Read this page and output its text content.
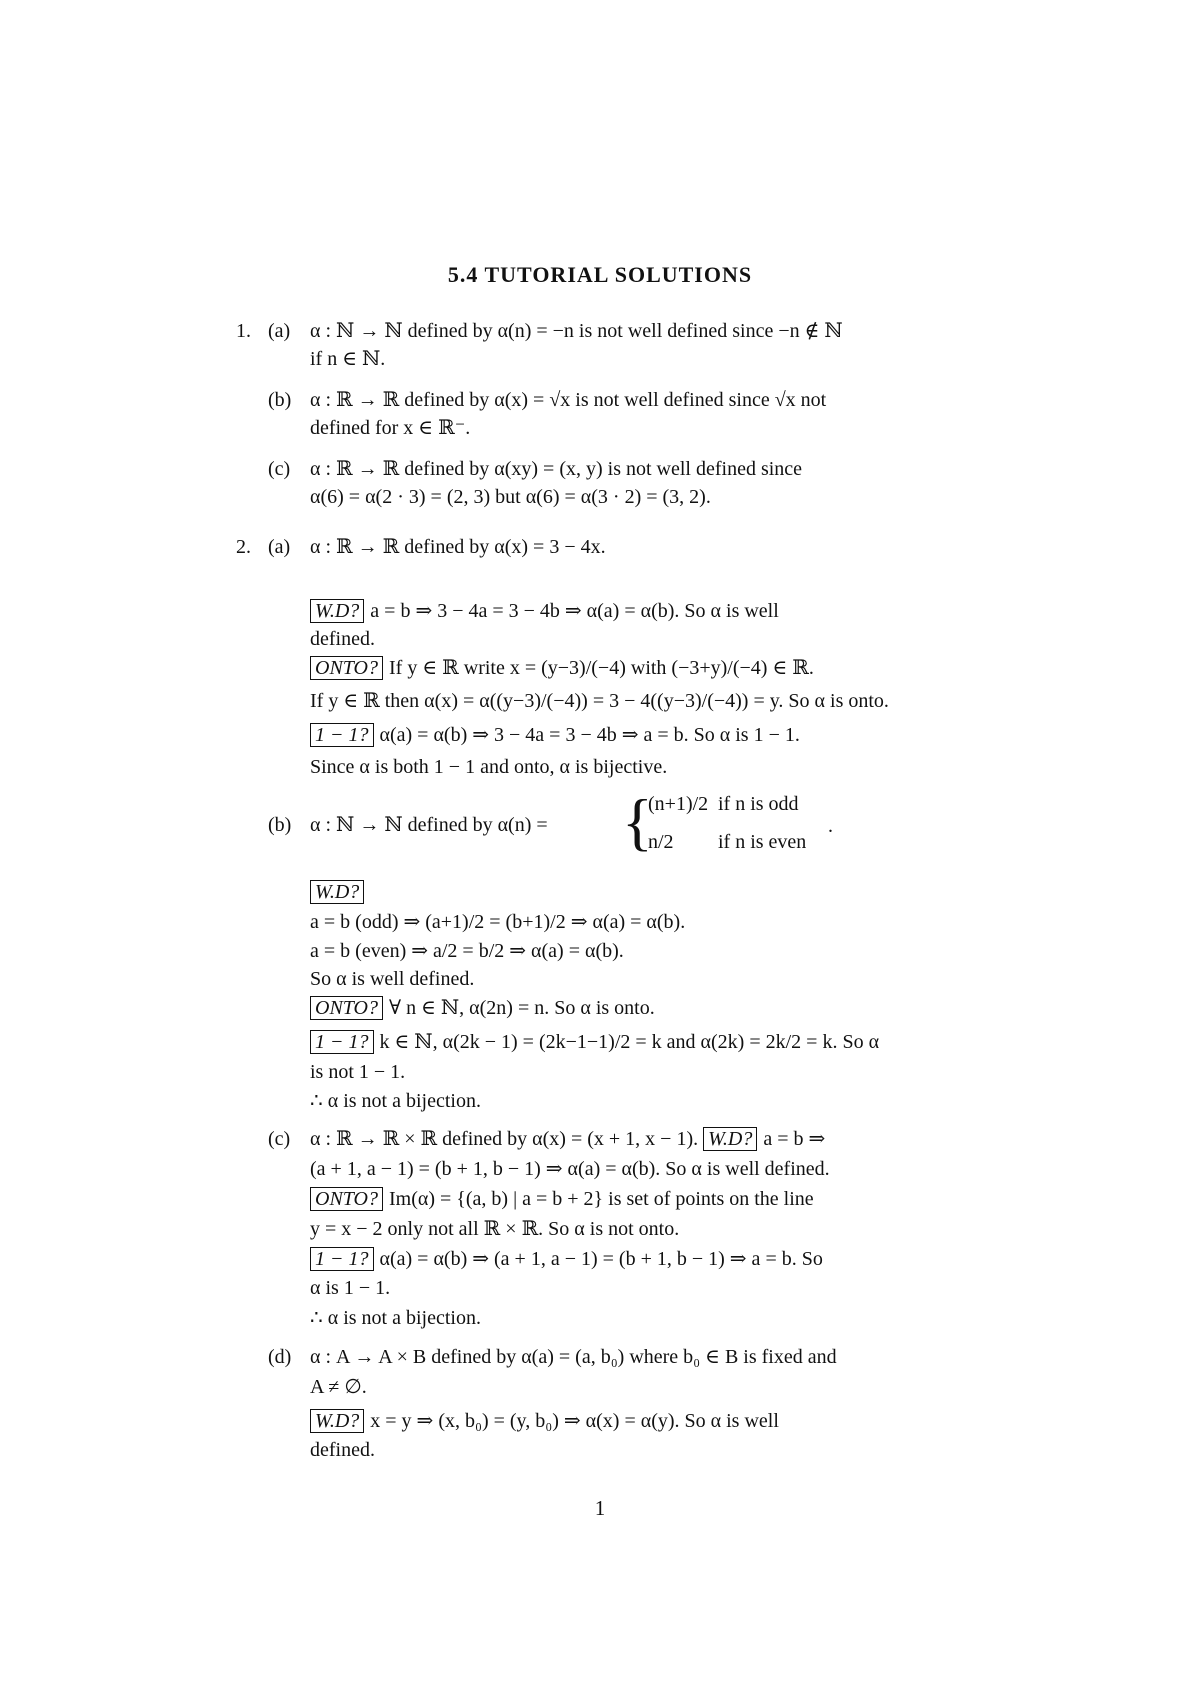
5.4 TUTORIAL SOLUTIONS
1. (a) α : ℕ → ℕ defined by α(n) = −n is not well defined since −n ∉ ℕ
if n ∈ ℕ.
(b) α : ℝ → ℝ defined by α(x) = √x is not well defined since √x not
defined for x ∈ ℝ⁻.
(c) α : ℝ → ℝ defined by α(xy) = (x, y) is not well defined since
α(6) = α(2 · 3) = (2, 3) but α(6) = α(3 · 2) = (3, 2).
2. (a) α : ℝ → ℝ defined by α(x) = 3 − 4x.
W.D? a = b ⇒ 3 − 4a = 3 − 4b ⇒ α(a) = α(b). So α is well
defined.
ONTO? If y ∈ ℝ write x = (y−3)/(−4) with (−3+y)/(−4) ∈ ℝ.
If y ∈ ℝ then α(x) = α((y−3)/(−4)) = 3 − 4((y−3)/(−4)) = y. So α is onto.
1 − 1? α(a) = α(b) ⇒ 3 − 4a = 3 − 4b ⇒ a = b. So α is 1 − 1.
Since α is both 1 − 1 and onto, α is bijective.
(b) α : ℕ → ℕ defined by α(n) = {
(n+1)/2 if n is odd
n/2 if n is even
.
W.D?
a = b (odd) ⇒ (a+1)/2 = (b+1)/2 ⇒ α(a) = α(b).
a = b (even) ⇒ a/2 = b/2 ⇒ α(a) = α(b).
So α is well defined.
ONTO? ∀ n ∈ ℕ, α(2n) = n. So α is onto.
1 − 1? k ∈ ℕ, α(2k − 1) = (2k−1−1)/2 = k and α(2k) = 2k/2 = k. So α
is not 1 − 1.
∴ α is not a bijection.
(c) α : ℝ → ℝ × ℝ defined by α(x) = (x + 1, x − 1). W.D? a = b ⇒
(a + 1, a − 1) = (b + 1, b − 1) ⇒ α(a) = α(b). So α is well defined.
ONTO? Im(α) = {(a, b) | a = b + 2} is set of points on the line
y = x − 2 only not all ℝ × ℝ. So α is not onto.
1 − 1? α(a) = α(b) ⇒ (a + 1, a − 1) = (b + 1, b − 1) ⇒ a = b. So
α is 1 − 1.
∴ α is not a bijection.
(d) α : A → A × B defined by α(a) = (a, b₀) where b₀ ∈ B is fixed and
A ≠ ∅.
W.D? x = y ⇒ (x, b₀) = (y, b₀) ⇒ α(x) = α(y). So α is well
defined.
1
